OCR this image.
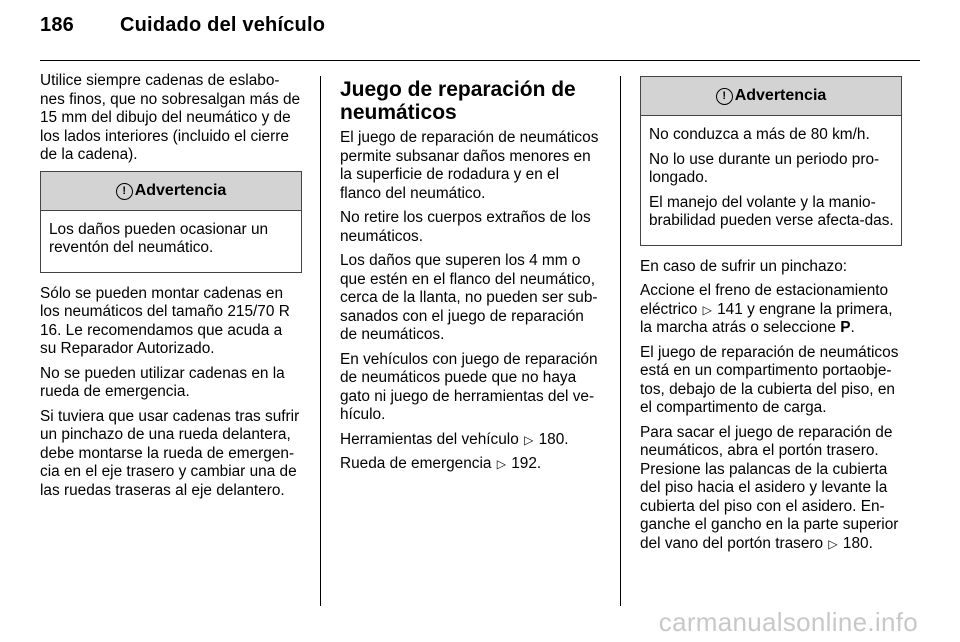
186 Cuidado del vehículo

Utilice siempre cadenas de eslabo-nes finos, que no sobresalgan más de 15 mm del dibujo del neumático y de los lados interiores (incluido el cierre de la cadena).

! Advertencia

Los daños pueden ocasionar un reventón del neumático.

Sólo se pueden montar cadenas en los neumáticos del tamaño 215/70 R 16. Le recomendamos que acuda a su Reparador Autorizado.

No se pueden utilizar cadenas en la rueda de emergencia.

Si tuviera que usar cadenas tras sufrir un pinchazo de una rueda delantera, debe montarse la rueda de emergen-cia en el eje trasero y cambiar una de las ruedas traseras al eje delantero.

Juego de reparación de neumáticos

El juego de reparación de neumáticos permite subsanar daños menores en la superficie de rodadura y en el flanco del neumático.

No retire los cuerpos extraños de los neumáticos.

Los daños que superen los 4 mm o que estén en el flanco del neumático, cerca de la llanta, no pueden ser sub-sanados con el juego de reparación de neumáticos.

En vehículos con juego de reparación de neumáticos puede que no haya gato ni juego de herramientas del ve-hículo.

Herramientas del vehículo ▷ 180.

Rueda de emergencia ▷ 192.

! Advertencia

No conduzca a más de 80 km/h.

No lo use durante un periodo pro-longado.

El manejo del volante y la manio-brabilidad pueden verse afecta-das.

En caso de sufrir un pinchazo:

Accione el freno de estacionamiento eléctrico ▷ 141 y engrane la primera, la marcha atrás o seleccione P.

El juego de reparación de neumáticos está en un compartimento portaobje-tos, debajo de la cubierta del piso, en el compartimento de carga.

Para sacar el juego de reparación de neumáticos, abra el portón trasero. Presione las palancas de la cubierta del piso hacia el asidero y levante la cubierta del piso con el asidero. En-ganche el gancho en la parte superior del vano del portón trasero ▷ 180.

carmanualsonline.info
